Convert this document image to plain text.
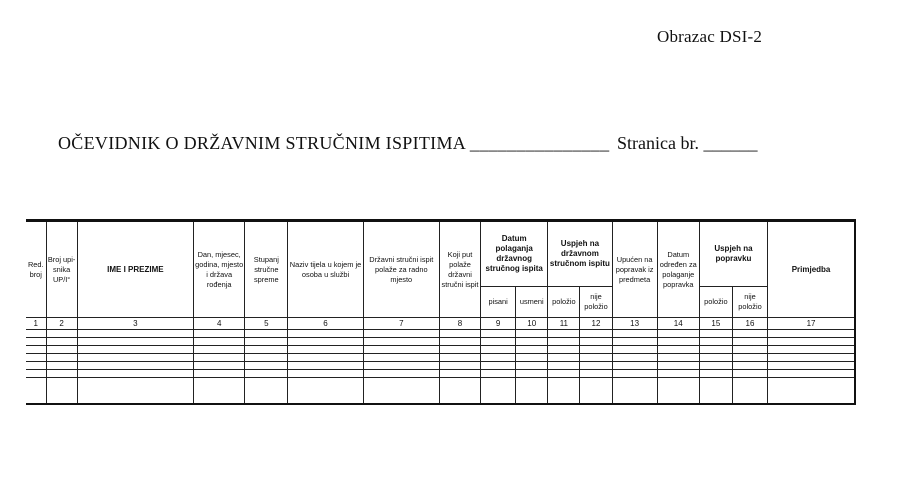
Obrazac DSI-2
OČEVIDNIK O DRŽAVNIM STRUČNIM ISPITIMA _______________ Stranica br. ______
Red. broj	Broj upi-snika UP/I°	IME I PREZIME	Dan, mjesec, godina, mjesto i država rođenja	Stupanj stručne spreme	Naziv tijela u kojem je osoba u službi	Državni stručni ispit polaže za radno mjesto	Koji put polaže državni stručni ispit	Datum polaganja državnog stručnog ispita		Uspjeh na državnom stručnom ispitu		Upućen na popravak iz predmeta	Datum određen za polaganje popravka	Uspjeh na popravku		Primjedba
								pisani	usmeni	položio	nije položio			položio	nije položio	
1	2	3	4	5	6	7	8	9	10	11	12	13	14	15	16	17
